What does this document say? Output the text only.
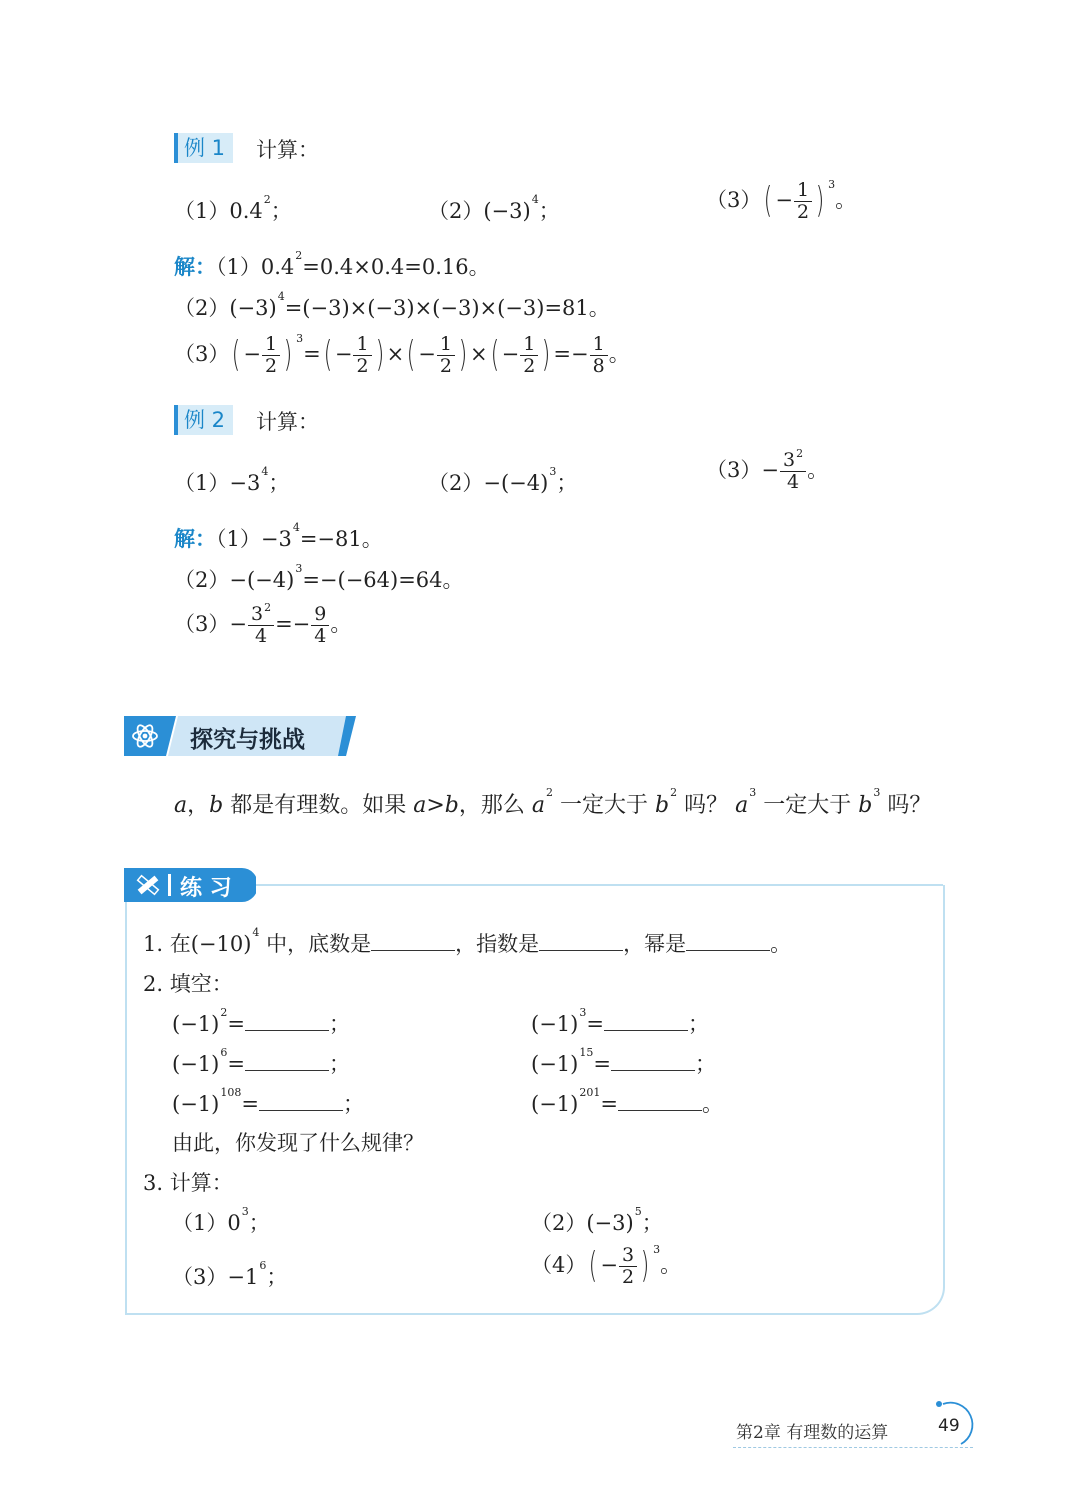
例 1	计算：
$(1)0.4^2$；	$(2)(-3)^4$；	$(3)( - \frac{1}{2}$ ) $^3$。
解：$(1)0.4^2=0.4\times 0.4=0.16$。
$(2)(-3)^4=(-3)\times(-3)\times(-3)\times(-3)=81$。
$(3)( - \frac{1}{2}$ ) $^3=( - \frac{1}{2}$ ) ×( − $\frac{1}{2}$ ) ×( − $\frac{1}{2}$ ) =− $\frac{1}{8}$ 。
例 2	计算：
$(1)-3^4$；	$(2)-(-4)^3$；
$(3)- \frac{3^2}{4}$ 。
解：$(1)-3^4=-81$。
$(2)-(-4)^3=-(-64)=64$。
$(3)- \frac{3^2}{4} =- \frac{9}{4}$ 。
探究与挑战
a，b 都是有理数。如果 a>b，那么 $a^2$ 一定大于 $b^2$ 吗？ $a^3$ 一定大于 $b^3$ 吗？
练 习
1. 在$(-10)^4$ 中，底数是	，指数是	，幂是	。
2. 填空：
$(-1)^2=$	；	$(-1)^3=$	；
$(-1)^6=$	；	$(-1)^{15}=$	；
$(-1)^{108}=$	；	$(-1)^{201}=$	。
由此，你发现了什么规律？
3. 计算：
$(1)0^3$；	$(2)(-3)^5$；
$(3)-1^6$；
$(4)( - \frac{3}{2}$ ) $^3$。
第2章 有理数的运算	49
